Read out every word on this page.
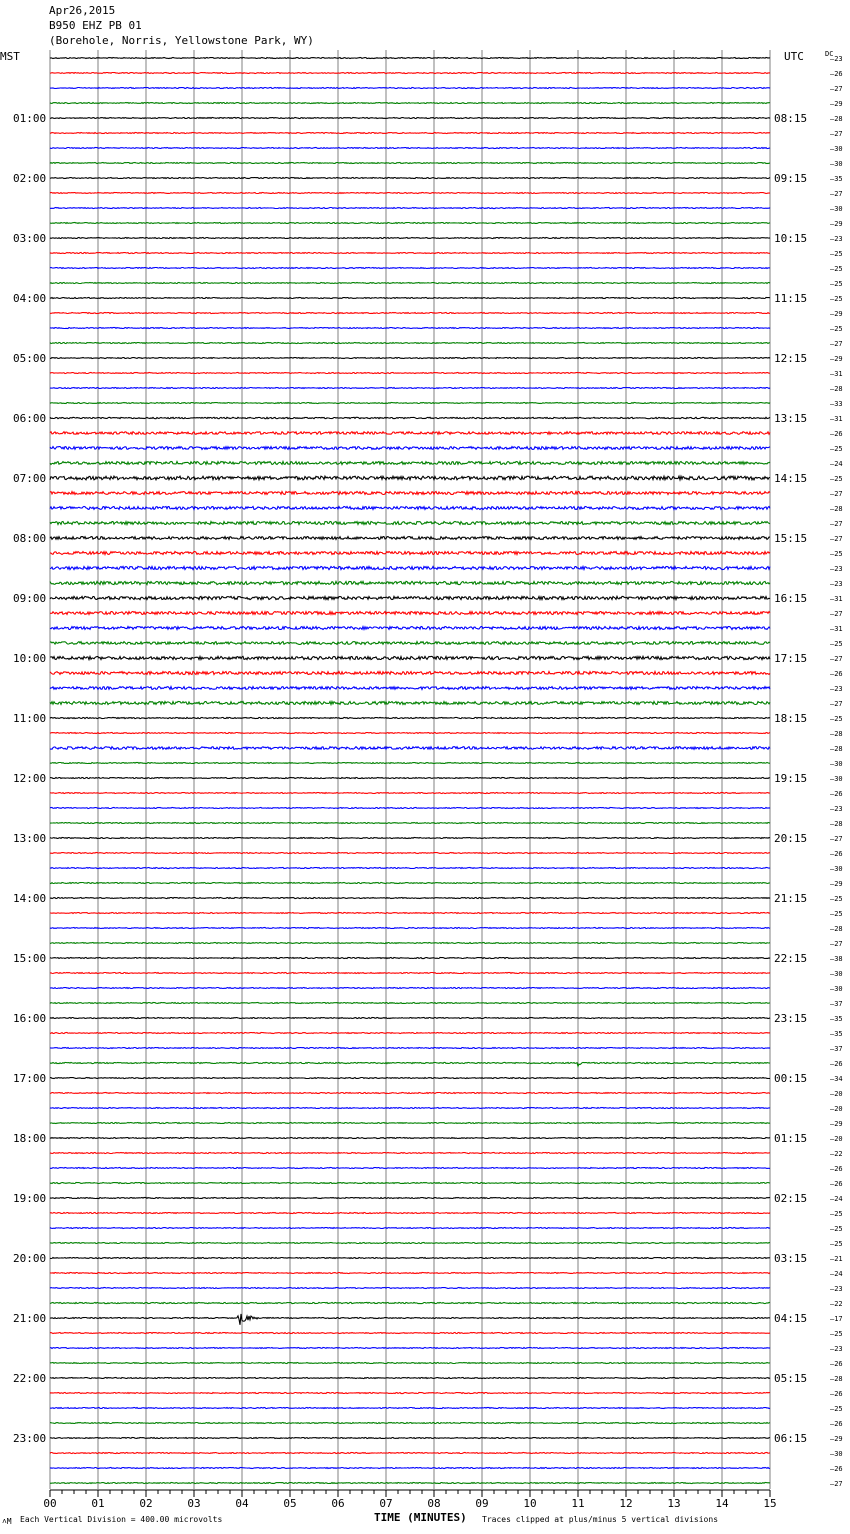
Apr26,2015
B950 EHZ PB 01
(Borehole, Norris, Yellowstone Park, WY)
–23
–26
–27
–29
–28
–27
–30
–30
–35
–27
–30
–29
–23
–25
–25
–25
–25
–29
–25
–27
–29
–31
–28
–33
–31
–26
–25
–24
–25
–27
–28
–27
–27
–25
–23
–23
–31
–27
–31
–25
–27
–26
–23
–27
–25
–28
–28
–30
–30
–26
–23
–28
–27
–26
–30
–29
–25
–25
–28
–27
–38
–30
–30
–37
–35
–35
–37
–26
–34
–20
–20
–29
–20
–22
–26
–26
–24
–25
–25
–25
–21
–24
–23
–22
–17
–25
–23
–26
–28
–26
–25
–26
–29
–30
–26
–27
01:00
02:00
03:00
04:00
05:00
06:00
07:00
08:00
09:00
10:00
11:00
12:00
13:00
14:00
15:00
16:00
17:00
18:00
19:00
20:00
21:00
22:00
23:00
08:15
09:15
10:15
11:15
12:15
13:15
14:15
15:15
16:15
17:15
18:15
19:15
20:15
21:15
22:15
23:15
00:15
01:15
02:15
03:15
04:15
05:15
06:15
00	01	02	03	04	05	06	07	08	09	10	11	12	13	14	15
MST	UTC	DC
TIME (MINUTES)
˄M Each Vertical Division = 400.00 microvolts	Traces clipped at plus/minus 5 vertical divisions
